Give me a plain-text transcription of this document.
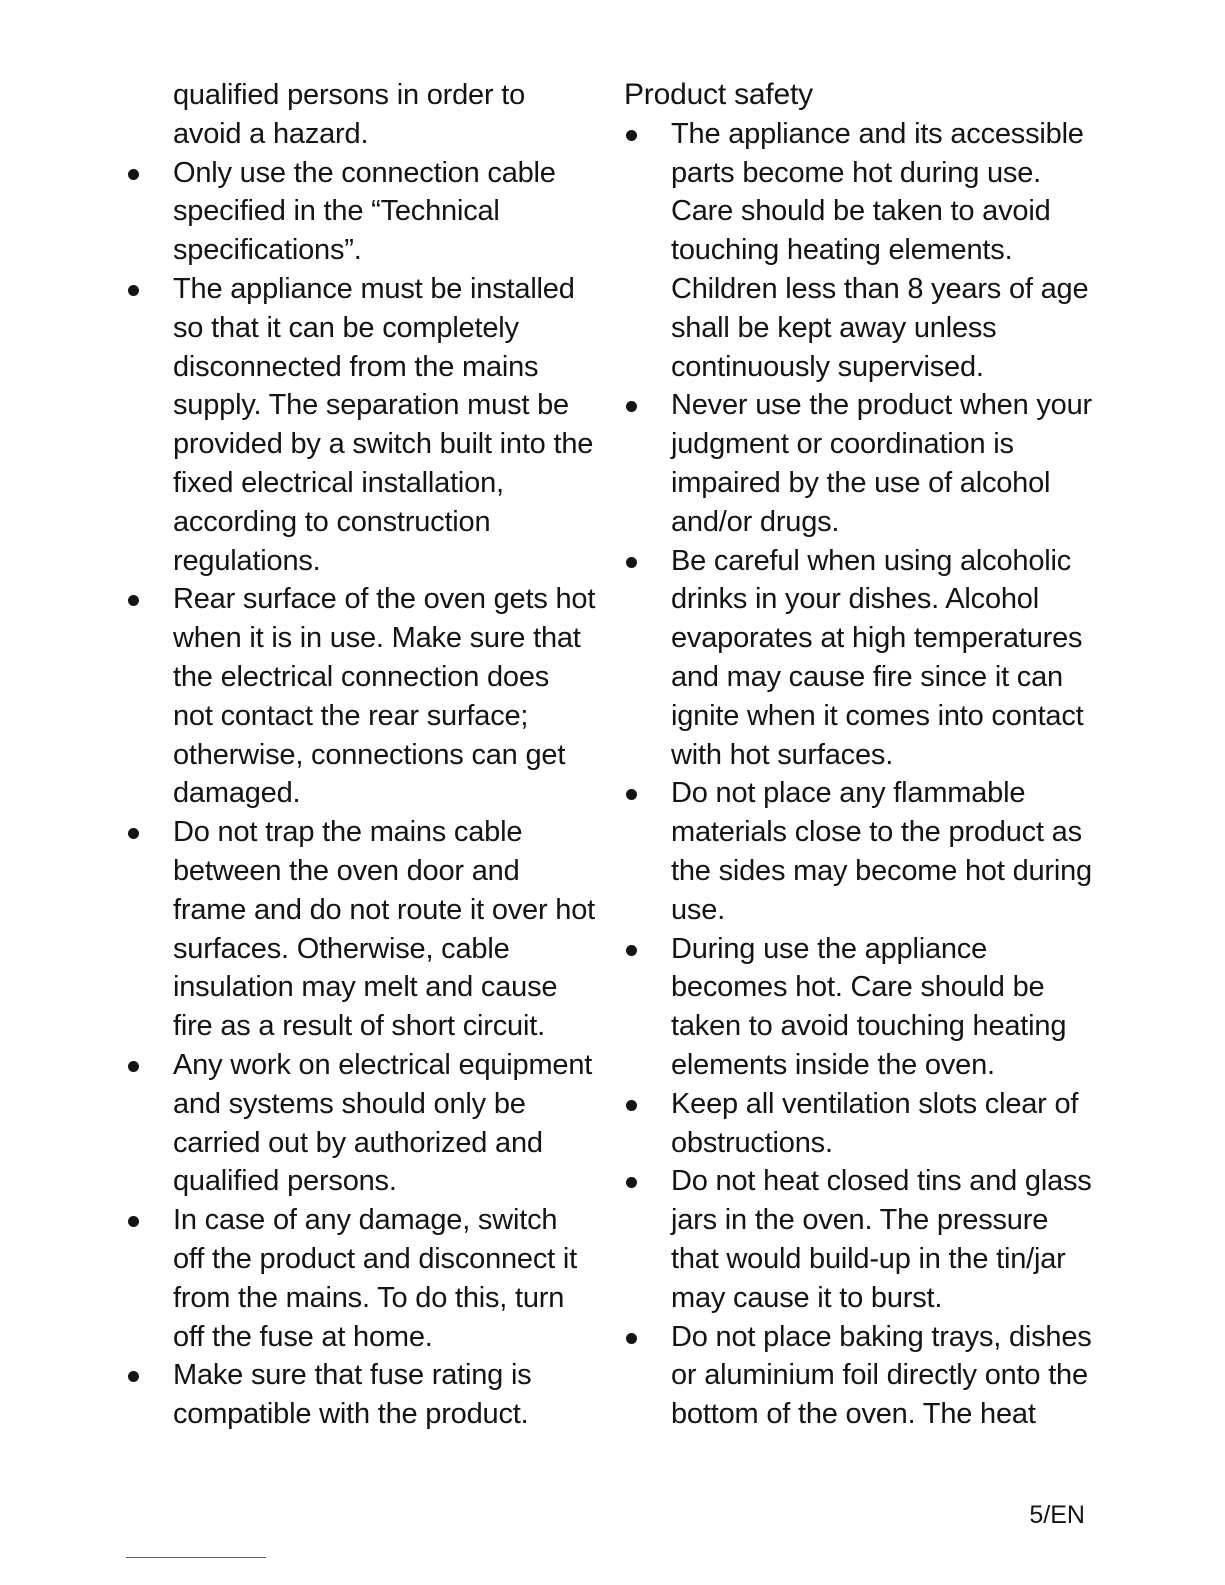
qualified persons in order to avoid a hazard.

Only use the connection cable specified in the “Technical specifications”.
The appliance must be installed so that it can be completely disconnected from the mains supply. The separation must be provided by a switch built into the fixed electrical installation, according to construction regulations.
Rear surface of the oven gets hot when it is in use. Make sure that the electrical connection does not contact the rear surface; otherwise, connections can get damaged.
Do not trap the mains cable between the oven door and frame and do not route it over hot surfaces. Otherwise, cable insulation may melt and cause fire as a result of short circuit.
Any work on electrical equipment and systems should only be carried out by authorized and qualified persons.
In case of any damage, switch off the product and disconnect it from the mains. To do this, turn off the fuse at home.
Make sure that fuse rating is compatible with the product.
Product safety
The appliance and its accessible parts become hot during use. Care should be taken to avoid touching heating elements. Children less than 8 years of age shall be kept away unless continuously supervised.
Never use the product when your judgment or coordination is impaired by the use of alcohol and/or drugs.
Be careful when using alcoholic drinks in your dishes. Alcohol evaporates at high temperatures and may cause fire since it can ignite when it comes into contact with hot surfaces.
Do not place any flammable materials close to the product as the sides may become hot during use.
During use the appliance becomes hot. Care should be taken to avoid touching heating elements inside the oven.
Keep all ventilation slots clear of obstructions.
Do not heat closed tins and glass jars in the oven. The pressure that would build-up in the tin/jar may cause it to burst.
Do not place baking trays, dishes or aluminium foil directly onto the bottom of the oven. The heat
5/EN
